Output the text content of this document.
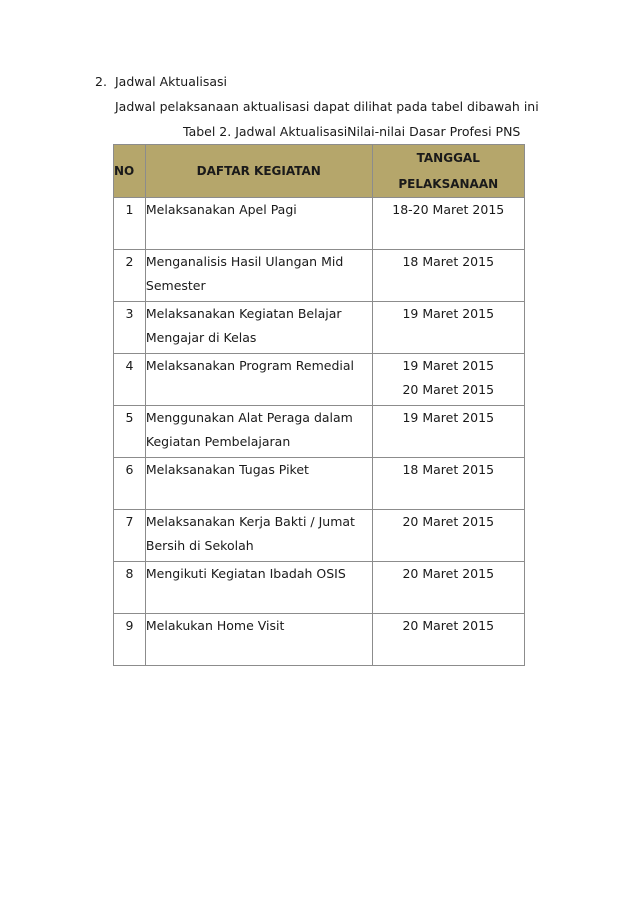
2. Jadwal Aktualisasi
Jadwal pelaksanaan aktualisasi dapat dilihat pada tabel dibawah ini
Tabel 2. Jadwal AktualisasiNilai-nilai Dasar Profesi PNS
NO	DAFTAR KEGIATAN	TANGGAL
PELAKSANAAN

1	Melaksanakan Apel Pagi	18-20 Maret 2015

2	Menganalisis Hasil Ulangan Mid
Semester	18 Maret 2015

3	Melaksanakan Kegiatan Belajar
Mengajar di Kelas	19 Maret 2015

4	Melaksanakan Program Remedial	19 Maret 2015
20 Maret 2015

5	Menggunakan Alat Peraga dalam
Kegiatan Pembelajaran	19 Maret 2015

6	Melaksanakan Tugas Piket	18 Maret 2015

7	Melaksanakan Kerja Bakti / Jumat
Bersih di Sekolah	20 Maret 2015

8	Mengikuti Kegiatan Ibadah OSIS	20 Maret 2015

9	Melakukan Home Visit	20 Maret 2015
